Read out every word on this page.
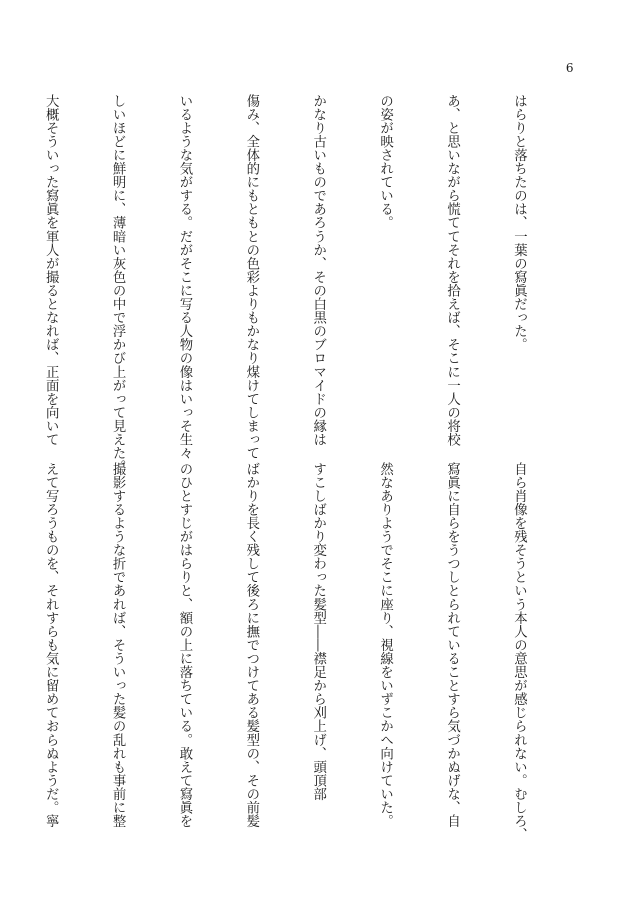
6

はらりと落ちたのは、一葉の寫眞だった。

あ、と思いながら慌ててそれを拾えば、そこに一人の将校

の姿が映されている。

かなり古いものであろうか、その白黒のブロマイドの縁は

傷み、全体的にもともとの色彩よりもかなり煤けてしまって

いるような気がする。だがそこに写る人物の像はいっそ生々

しいほどに鮮明に、薄暗い灰色の中で浮かび上がって見えた。

大概そういった寫眞を軍人が撮るとなれば、正面を向いて

自ら肖像を残そうという本人の意思が感じられない。むしろ、

寫眞に自らをうつしとられていることすら気づかぬげな、自

然なありようでそこに座り、視線をいずこかへ向けていた。

すこしばかり変わった髪型――襟足から刈上げ、頭頂部

ばかりを長く残して後ろに撫でつけてある髪型の、その前髪

のひとすじがはらりと、額の上に落ちている。敢えて寫眞を

撮影するような折であれば、そういった髪の乱れも事前に整

えて写ろうものを、それすらも気に留めておらぬようだ。寧
